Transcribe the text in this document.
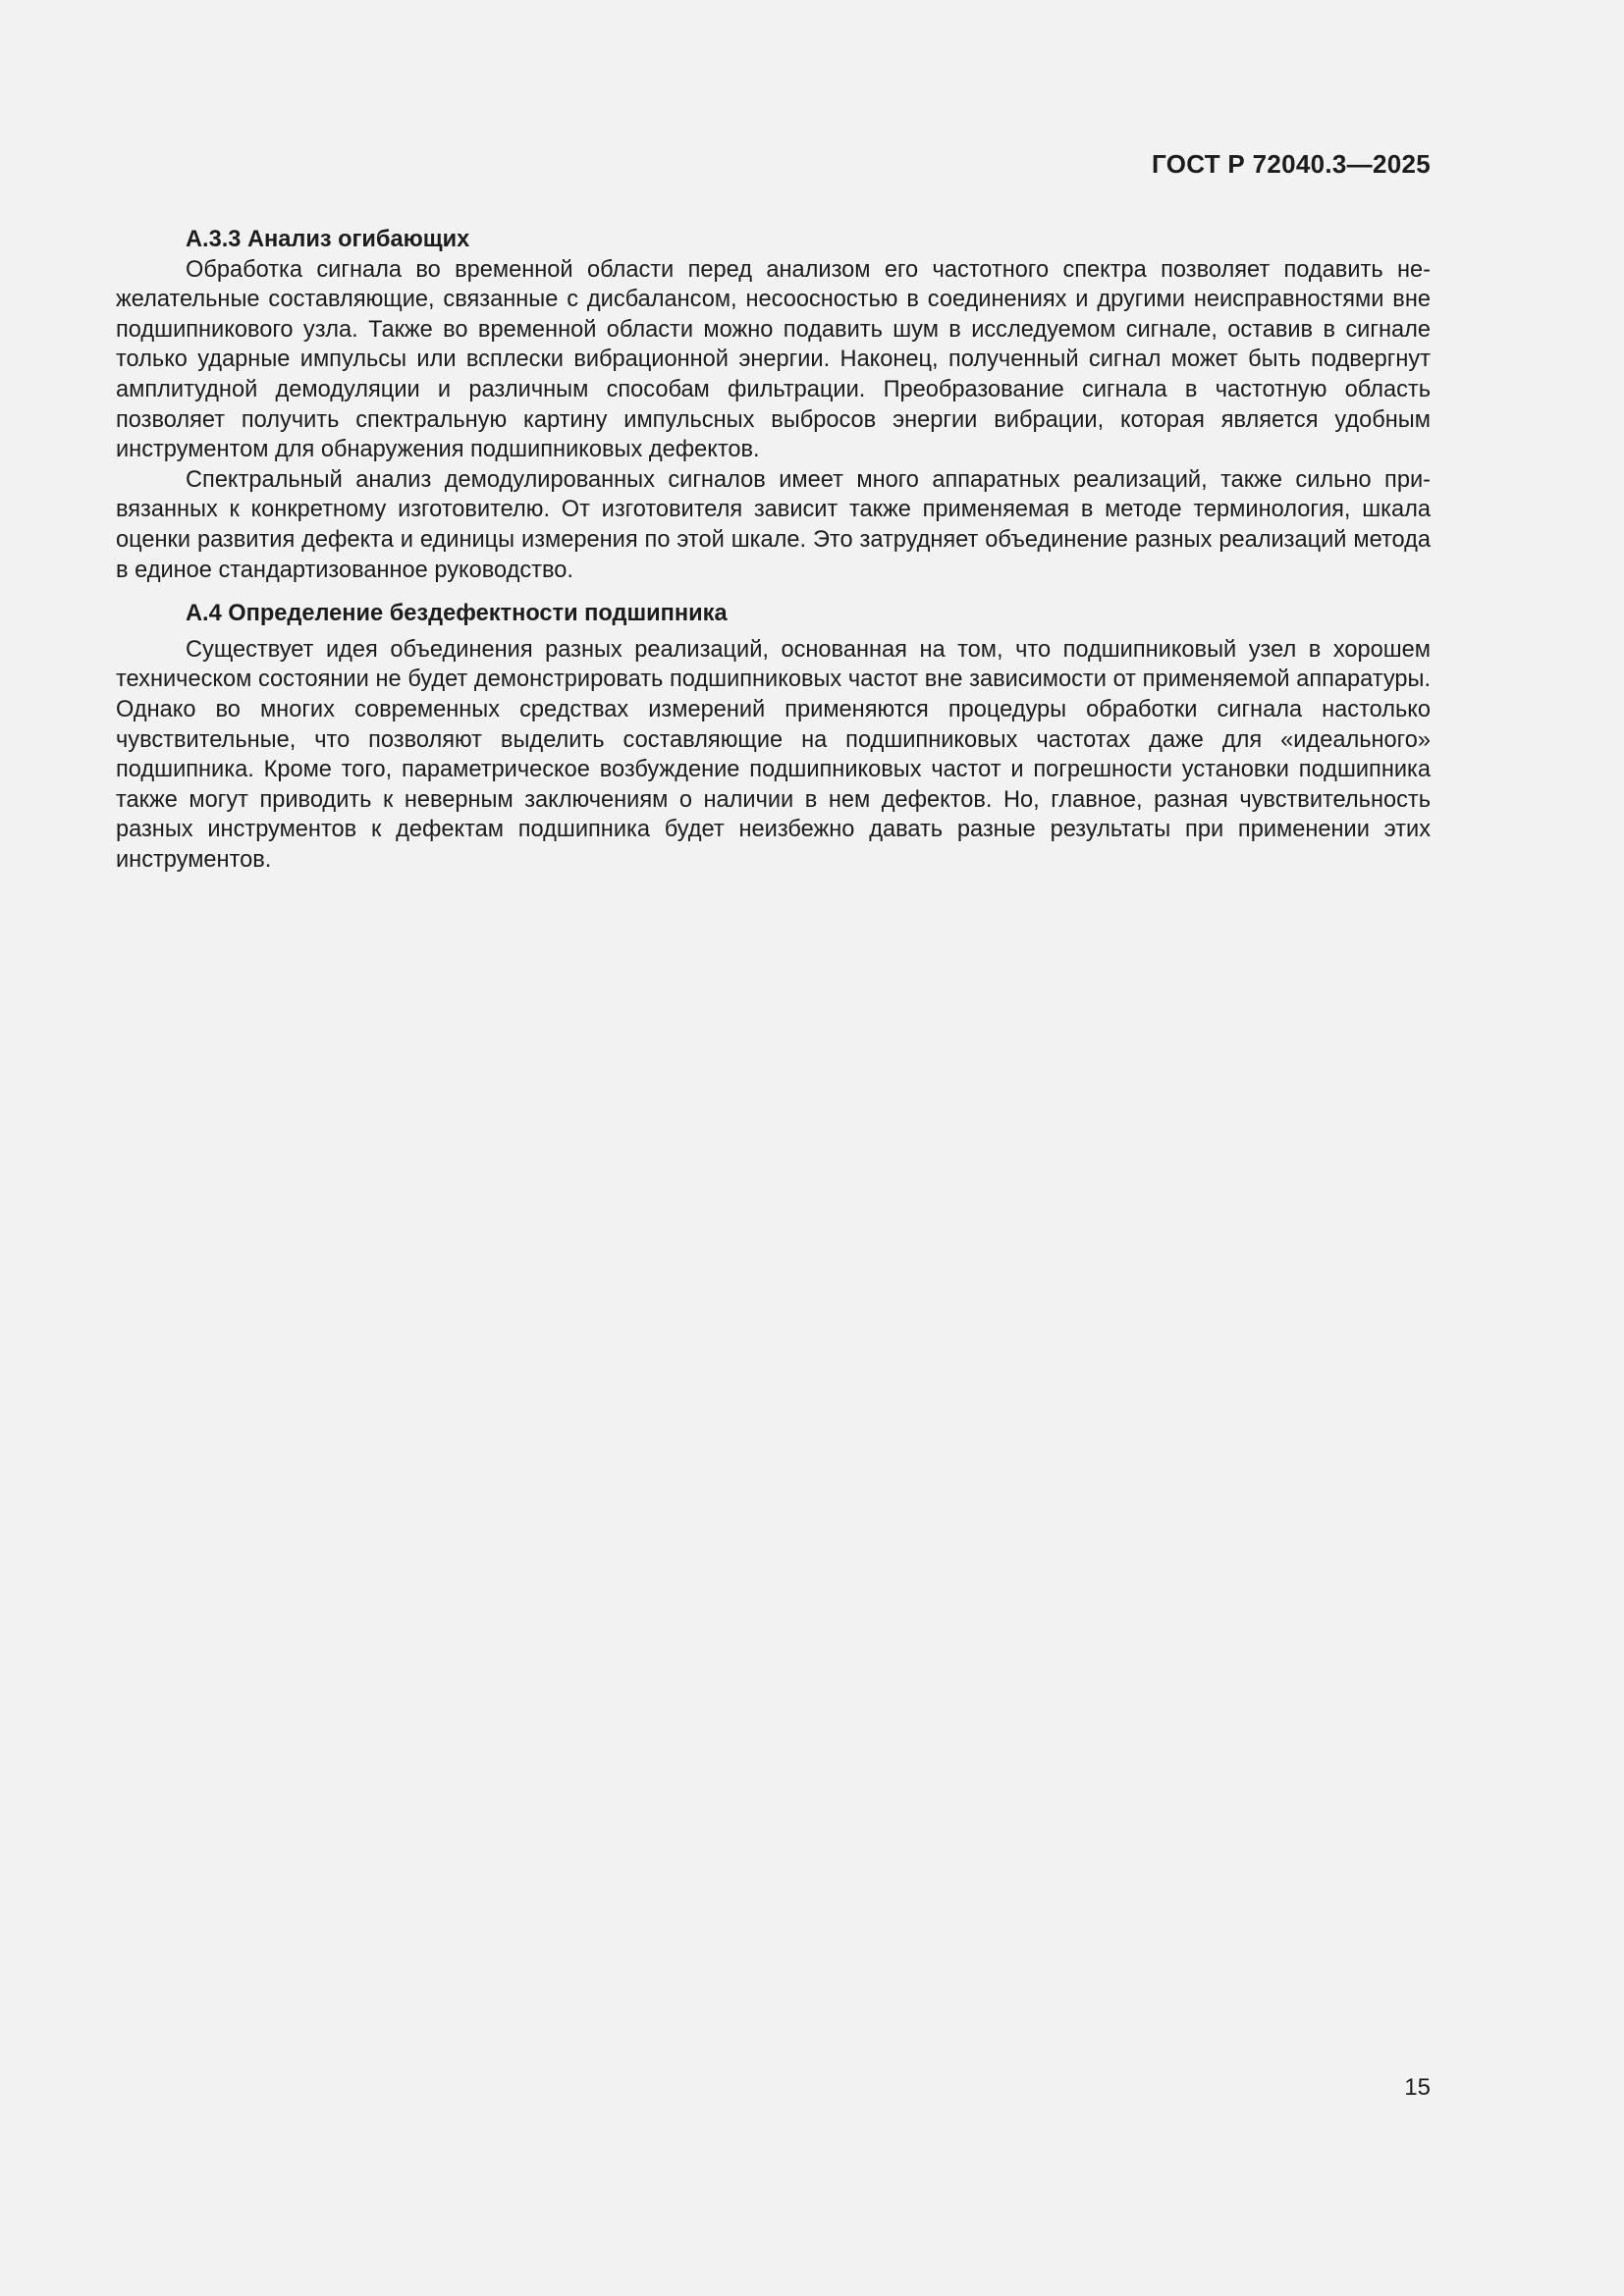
ГОСТ Р 72040.3—2025

А.3.3 Анализ огибающих

Обработка сигнала во временной области перед анализом его частотного спектра позволяет подавить нежелательные составляющие, связанные с дисбалансом, несоосностью в соединениях и другими неисправностями вне подшипникового узла. Также во временной области можно подавить шум в исследуемом сигнале, оставив в сигнале только ударные импульсы или всплески вибрационной энергии. Наконец, полученный сигнал может быть подвергнут амплитудной демодуляции и различным способам фильтрации. Преобразование сигнала в частотную область позволяет получить спектральную картину импульсных выбросов энергии вибрации, которая является удобным инструментом для обнаружения подшипниковых дефектов.

Спектральный анализ демодулированных сигналов имеет много аппаратных реализаций, также сильно привязанных к конкретному изготовителю. От изготовителя зависит также применяемая в методе терминология, шкала оценки развития дефекта и единицы измерения по этой шкале. Это затрудняет объединение разных реализаций метода в единое стандартизованное руководство.

А.4 Определение бездефектности подшипника

Существует идея объединения разных реализаций, основанная на том, что подшипниковый узел в хорошем техническом состоянии не будет демонстрировать подшипниковых частот вне зависимости от применяемой аппаратуры. Однако во многих современных средствах измерений применяются процедуры обработки сигнала настолько чувствительные, что позволяют выделить составляющие на подшипниковых частотах даже для «идеального» подшипника. Кроме того, параметрическое возбуждение подшипниковых частот и погрешности установки подшипника также могут приводить к неверным заключениям о наличии в нем дефектов. Но, главное, разная чувствительность разных инструментов к дефектам подшипника будет неизбежно давать разные результаты при применении этих инструментов.

15
